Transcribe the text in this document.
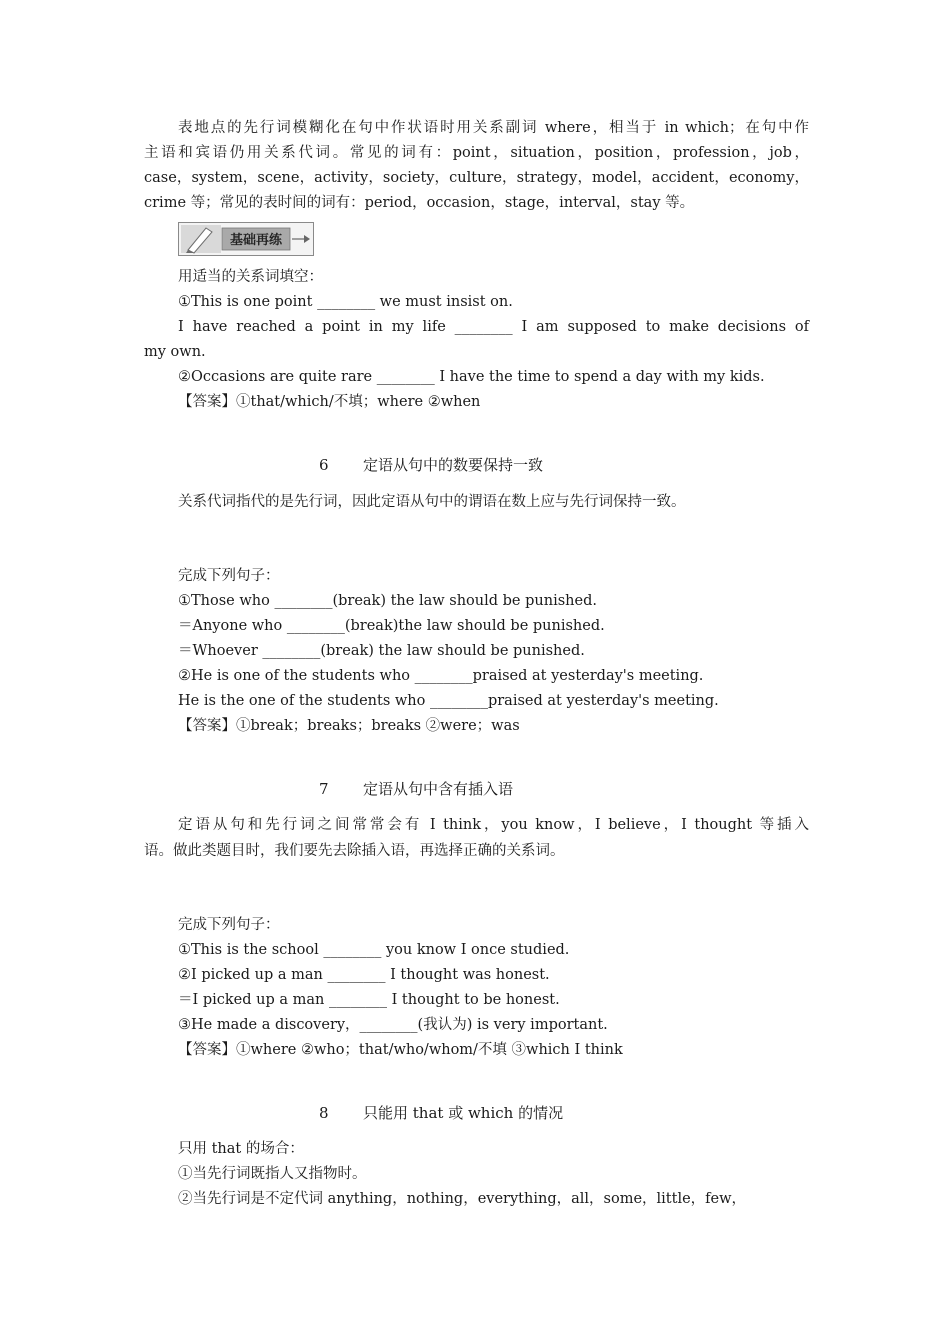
表地点的先行词模糊化在句中作状语时用关系副词 where，相当于 in which；在句中作
主语和宾语仍用关系代词。常见的词有：point，situation，position，profession，job，
case，system，scene，activity，society，culture，strategy，model，accident，economy，
crime 等；常见的表时间的词有：period，occasion，stage，interval，stay 等。
基础再练
用适当的关系词填空：
①This is one point ________ we must insist on.
I have reached a point in my life ________ I am supposed to make decisions of
my own.
②Occasions are quite rare ________ I have the time to spend a day with my kids.
【答案】①that/which/不填；where ②when
6 定语从句中的数要保持一致
关系代词指代的是先行词，因此定语从句中的谓语在数上应与先行词保持一致。
完成下列句子：
①Those who ________(break) the law should be punished.
＝Anyone who ________(break)the law should be punished.
＝Whoever ________(break) the law should be punished.
②He is one of the students who ________praised at yesterday's meeting.
He is the one of the students who ________praised at yesterday's meeting.
【答案】①break；breaks；breaks ②were；was
7 定语从句中含有插入语
定语从句和先行词之间常常会有 I think，you know，I believe，I thought 等插入
语。做此类题目时，我们要先去除插入语，再选择正确的关系词。
完成下列句子：
①This is the school ________ you know I once studied.
②I picked up a man ________ I thought was honest.
＝I picked up a man ________ I thought to be honest.
③He made a discovery，________(我认为) is very important.
【答案】①where ②who；that/who/whom/不填 ③which I think
8 只能用 that 或 which 的情况
只用 that 的场合：
①当先行词既指人又指物时。
②当先行词是不定代词 anything，nothing，everything，all，some，little，few，
